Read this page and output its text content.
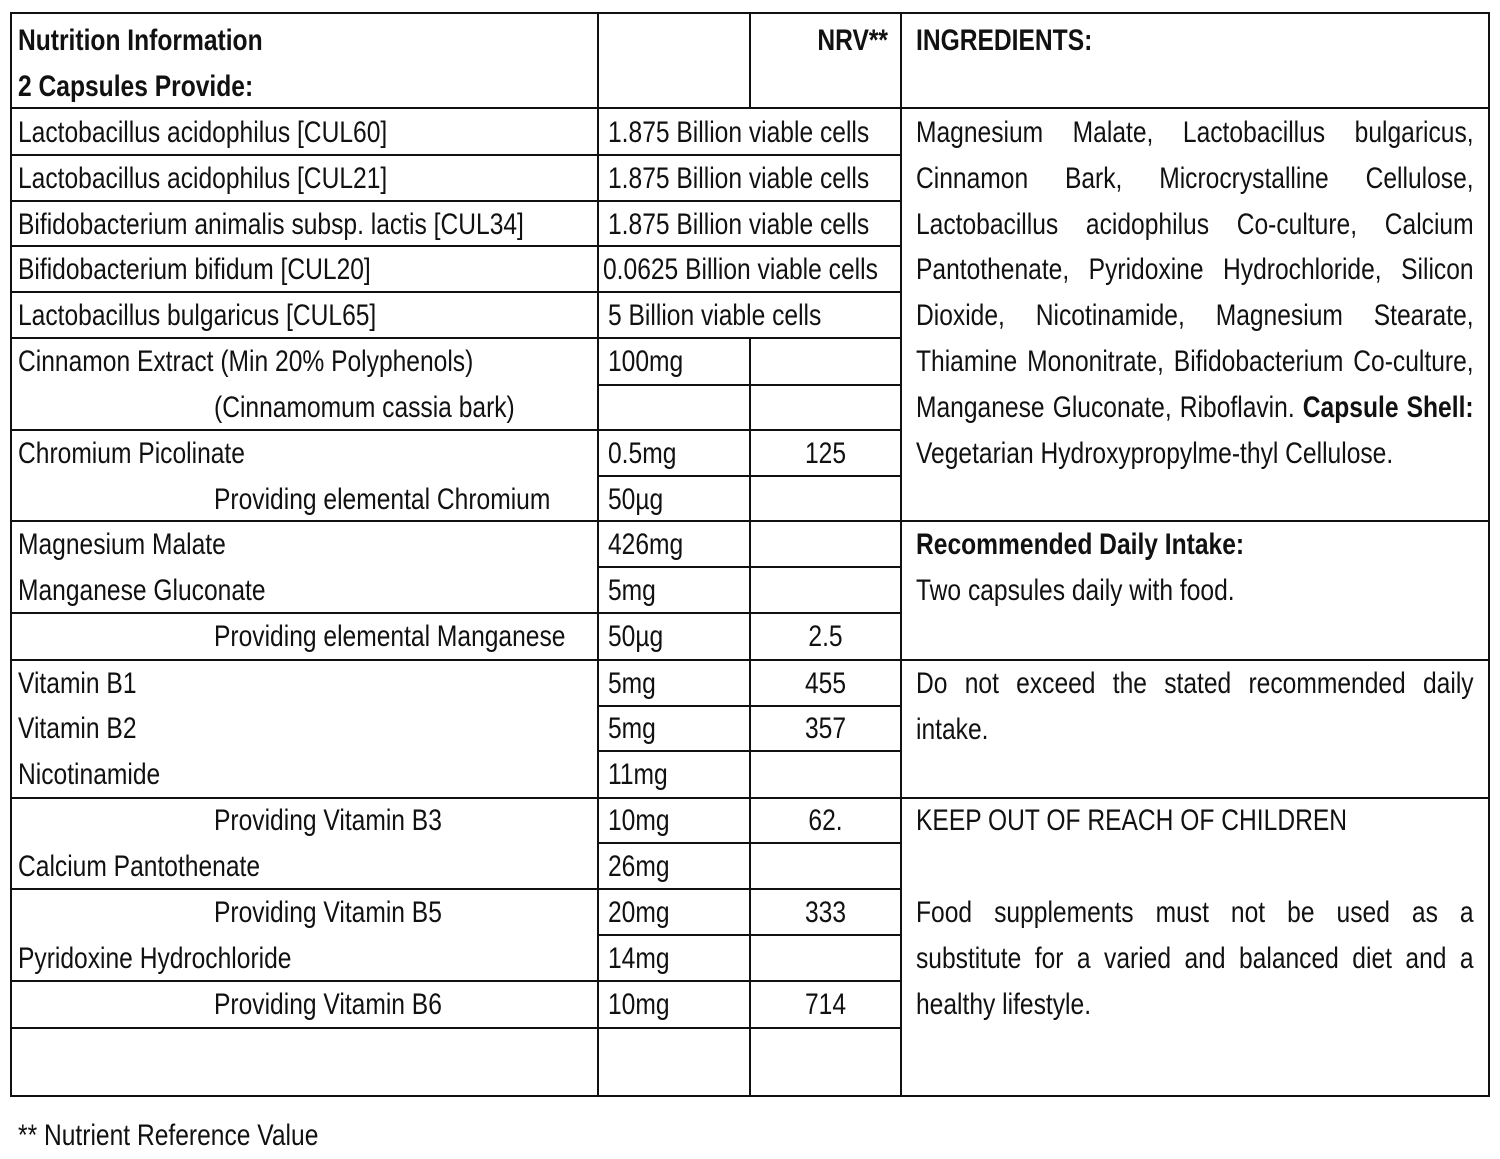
Nutrition Information
2 Capsules Provide:
NRV** INGREDIENTS:
Lactobacillus acidophilus [CUL60]	1.875 Billion viable cells
Lactobacillus acidophilus [CUL21]	1.875 Billion viable cells
Bifidobacterium animalis subsp. lactis [CUL34]	1.875 Billion viable cells
Bifidobacterium bifidum [CUL20]	0.0625 Billion viable cells
Lactobacillus bulgaricus [CUL65]	5 Billion viable cells
Cinnamon Extract (Min 20% Polyphenols)	100mg
(Cinnamomum cassia bark)
Chromium Picolinate	0.5mg	125
Providing elemental Chromium 50µg
Magnesium Malate	426mg
Manganese Gluconate	5mg
Providing elemental Manganese 50µg	2.5
Vitamin B1	5mg	455
Vitamin B2	5mg	357
Nicotinamide	11mg
Providing Vitamin B3	10mg	62.
Calcium Pantothenate	26mg
Providing Vitamin B5	20mg	333
Pyridoxine Hydrochloride	14mg
Providing Vitamin B6	10mg	714
Magnesium Malate, Lactobacillus bulgaricus, Cinnamon Bark, Microcrystalline Cellulose, Lactobacillus acidophilus Co-culture, Calcium Pantothenate, Pyridoxine Hydrochloride, Silicon Dioxide, Nicotinamide, Magnesium Stearate, Thiamine Mononitrate, Bifidobacterium Co-culture, Manganese Gluconate, Riboflavin. Capsule Shell: Vegetarian Hydroxypropylme-thyl Cellulose.
Recommended Daily Intake:
Two capsules daily with food.
Do not exceed the stated recommended daily intake.
KEEP OUT OF REACH OF CHILDREN
Food supplements must not be used as a substitute for a varied and balanced diet and a healthy lifestyle.
** Nutrient Reference Value
